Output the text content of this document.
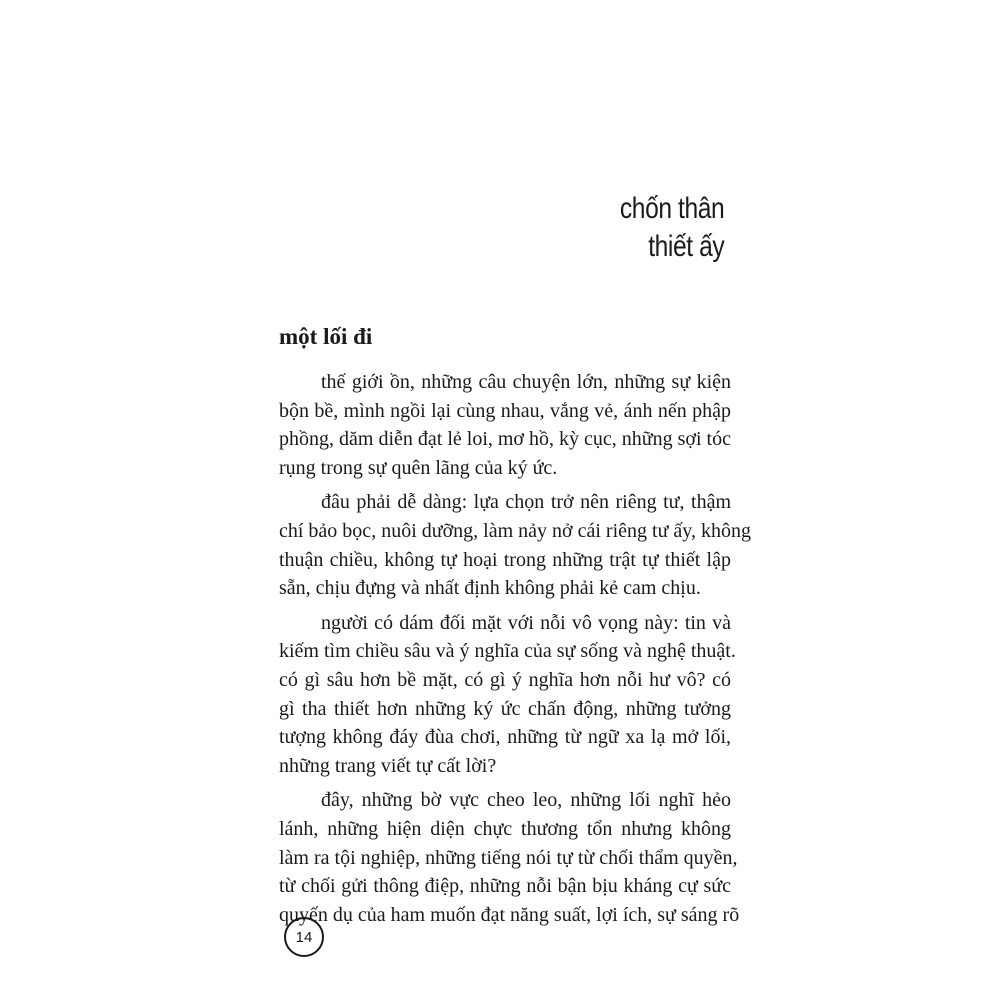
chốn thân
thiết ấy
một lối đi
thế giới ồn, những câu chuyện lớn, những sự kiện
bộn bề, mình ngồi lại cùng nhau, vắng vẻ, ánh nến phập
phồng, dăm diễn đạt lẻ loi, mơ hồ, kỳ cục, những sợi tóc
rụng trong sự quên lãng của ký ức.
đâu phải dễ dàng: lựa chọn trở nên riêng tư, thậm
chí bảo bọc, nuôi dưỡng, làm nảy nở cái riêng tư ấy, không
thuận chiều, không tự hoại trong những trật tự thiết lập
sẵn, chịu đựng và nhất định không phải kẻ cam chịu.
người có dám đối mặt với nỗi vô vọng này: tin và
kiếm tìm chiều sâu và ý nghĩa của sự sống và nghệ thuật.
có gì sâu hơn bề mặt, có gì ý nghĩa hơn nỗi hư vô? có
gì tha thiết hơn những ký ức chấn động, những tưởng
tượng không đáy đùa chơi, những từ ngữ xa lạ mở lối,
những trang viết tự cất lời?
đây, những bờ vực cheo leo, những lối nghĩ hẻo
lánh, những hiện diện chực thương tổn nhưng không
làm ra tội nghiệp, những tiếng nói tự từ chối thẩm quyền,
từ chối gửi thông điệp, những nỗi bận bịu kháng cự sức
quyến dụ của ham muốn đạt năng suất, lợi ích, sự sáng rõ
14
